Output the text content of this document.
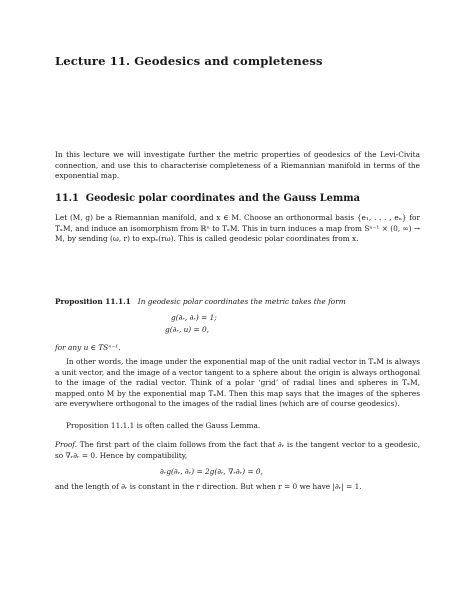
Lecture 11. Geodesics and completeness

In this lecture we will investigate further the metric properties of geodesics of the Levi-Civita connection, and use this to characterise completeness of a Riemannian manifold in terms of the exponential map.

11.1 Geodesic polar coordinates and the Gauss Lemma

Let (M, g) be a Riemannian manifold, and x ∈ M. Choose an orthonormal basis {e₁, . . . , eₙ} for TₓM, and induce an isomorphism from ℝⁿ to TₓM. This in turn induces a map from Sⁿ⁻¹ × (0, ∞) → M, by sending (ω, r) to expₓ(rω). This is called geodesic polar coordinates from x.

Proposition 11.1.1 In geodesic polar coordinates the metric takes the form
g(∂ᵣ, ∂ᵣ) = 1;
g(∂ᵣ, u) = 0,
for any u ∈ TSⁿ⁻¹.

In other words, the image under the exponential map of the unit radial vector in TₓM is always a unit vector, and the image of a vector tangent to a sphere about the origin is always orthogonal to the image of the radial vector. Think of a polar ‘grid’ of radial lines and spheres in TₓM, mapped onto M by the exponential map TₓM. Then this map says that the images of the spheres are everywhere orthogonal to the images of the radial lines (which are of course geodesics).

Proposition 11.1.1 is often called the Gauss Lemma.

Proof. The first part of the claim follows from the fact that ∂ᵣ is the tangent vector to a geodesic, so ∇ᵣ∂ᵣ = 0. Hence by compatibility,

∂ᵣg(∂ᵣ, ∂ᵣ) = 2g(∂ᵣ, ∇ᵣ∂ᵣ) = 0,

and the length of ∂ᵣ is constant in the r direction. But when r = 0 we have |∂ᵣ| = 1.
